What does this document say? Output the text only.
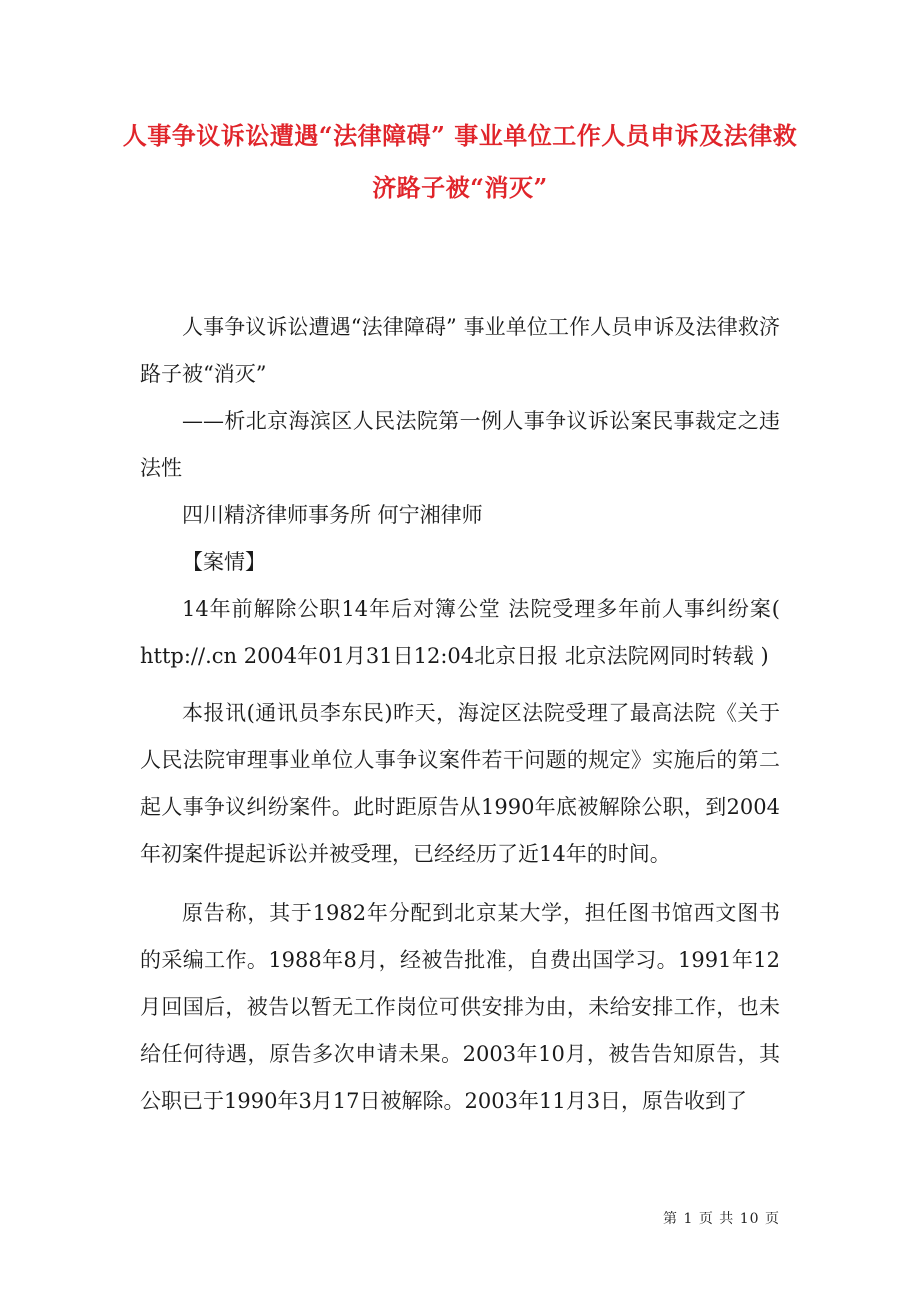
人事争议诉讼遭遇“法律障碍” 事业单位工作人员申诉及法律救济路子被“消灭”

人事争议诉讼遭遇“法律障碍” 事业单位工作人员申诉及法律救济路子被“消灭”

——析北京海滨区人民法院第一例人事争议诉讼案民事裁定之违法性

四川精济律师事务所 何宁湘律师

【案情】

14年前解除公职14年后对簿公堂 法院受理多年前人事纠纷案( http://.cn 2004年01月31日12:04北京日报 北京法院网同时转载 )

本报讯(通讯员李东民)昨天，海淀区法院受理了最高法院《关于人民法院审理事业单位人事争议案件若干问题的规定》实施后的第二起人事争议纠纷案件。此时距原告从1990年底被解除公职，到2004年初案件提起诉讼并被受理，已经经历了近14年的时间。

原告称，其于1982年分配到北京某大学，担任图书馆西文图书的采编工作。1988年8月，经被告批准，自费出国学习。1991年12月回国后，被告以暂无工作岗位可供安排为由，未给安排工作，也未给任何待遇，原告多次申请未果。2003年10月，被告告知原告，其公职已于1990年3月17日被解除。2003年11月3日，原告收到了

第 1 页 共 10 页
